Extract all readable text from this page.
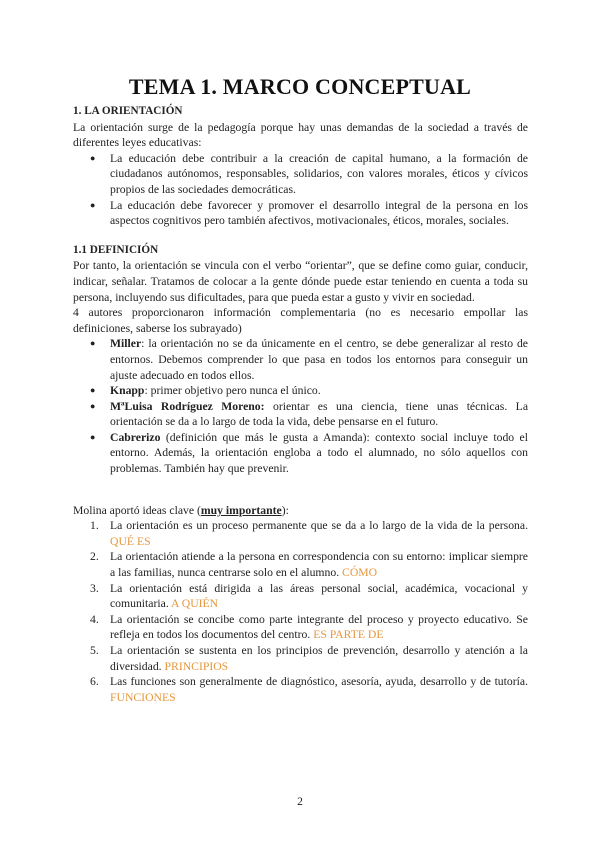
TEMA 1. MARCO CONCEPTUAL

1. LA ORIENTACIÓN

La orientación surge de la pedagogía porque hay unas demandas de la sociedad a través de diferentes leyes educativas:

● La educación debe contribuir a la creación de capital humano, a la formación de ciudadanos autónomos, responsables, solidarios, con valores morales, éticos y cívicos propios de las sociedades democráticas.
● La educación debe favorecer y promover el desarrollo integral de la persona en los aspectos cognitivos pero también afectivos, motivacionales, éticos, morales, sociales.

1.1 DEFINICIÓN

Por tanto, la orientación se vincula con el verbo “orientar”, que se define como guiar, conducir, indicar, señalar. Tratamos de colocar a la gente dónde puede estar teniendo en cuenta a toda su persona, incluyendo sus dificultades, para que pueda estar a gusto y vivir en sociedad.

4 autores proporcionaron información complementaria (no es necesario empollar las definiciones, saberse los subrayado)

● Miller: la orientación no se da únicamente en el centro, se debe generalizar al resto de entornos. Debemos comprender lo que pasa en todos los entornos para conseguir un ajuste adecuado en todos ellos.
● Knapp: primer objetivo pero nunca el único.
● MªLuisa Rodríguez Moreno: orientar es una ciencia, tiene unas técnicas. La orientación se da a lo largo de toda la vida, debe pensarse en el futuro.
● Cabrerizo (definición que más le gusta a Amanda): contexto social incluye todo el entorno. Además, la orientación engloba a todo el alumnado, no sólo aquellos con problemas. También hay que prevenir.

Molina aportó ideas clave (muy importante):

1. La orientación es un proceso permanente que se da a lo largo de la vida de la persona. QUÉ ES
2. La orientación atiende a la persona en correspondencia con su entorno: implicar siempre a las familias, nunca centrarse solo en el alumno. CÓMO
3. La orientación está dirigida a las áreas personal social, académica, vocacional y comunitaria. A QUIÉN
4. La orientación se concibe como parte integrante del proceso y proyecto educativo. Se refleja en todos los documentos del centro. ES PARTE DE
5. La orientación se sustenta en los principios de prevención, desarrollo y atención a la diversidad. PRINCIPIOS
6. Las funciones son generalmente de diagnóstico, asesoría, ayuda, desarrollo y de tutoría. FUNCIONES
2
